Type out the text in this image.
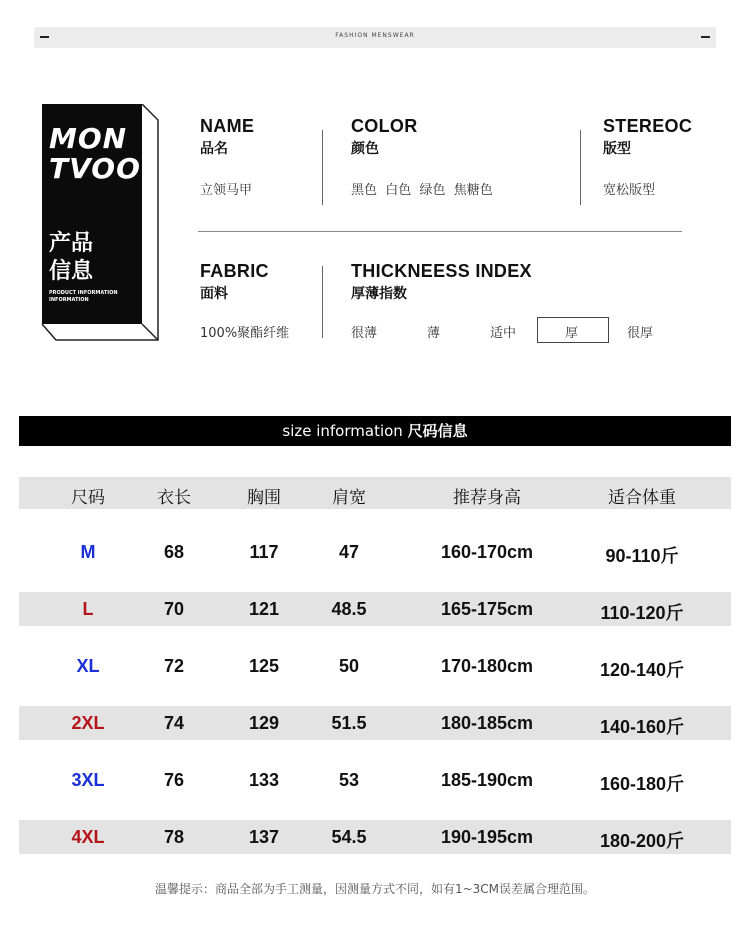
FASHION MENSWEAR
MON
TVOO
产品
信息
PRODUCT INFORMATION
INFORMATION
NAME
品名
立领马甲
COLOR
颜色
黑色  白色  绿色  焦糖色
STEREOC
版型
宽松版型
FABRIC
面料
100%聚酯纤维
THICKNEESS INDEX
厚薄指数
很薄	薄	适中	厚	很厚
size information 尺码信息
尺码	衣长	胸围	肩宽	推荐身高	适合体重
M	68	117	47	160-170cm	90-110斤
L	70	121	48.5	165-175cm	110-120斤
XL	72	125	50	170-180cm	120-140斤
2XL	74	129	51.5	180-185cm	140-160斤
3XL	76	133	53	185-190cm	160-180斤
4XL	78	137	54.5	190-195cm	180-200斤
温馨提示：商品全部为手工测量，因测量方式不同，如有1~3CM误差属合理范围。
